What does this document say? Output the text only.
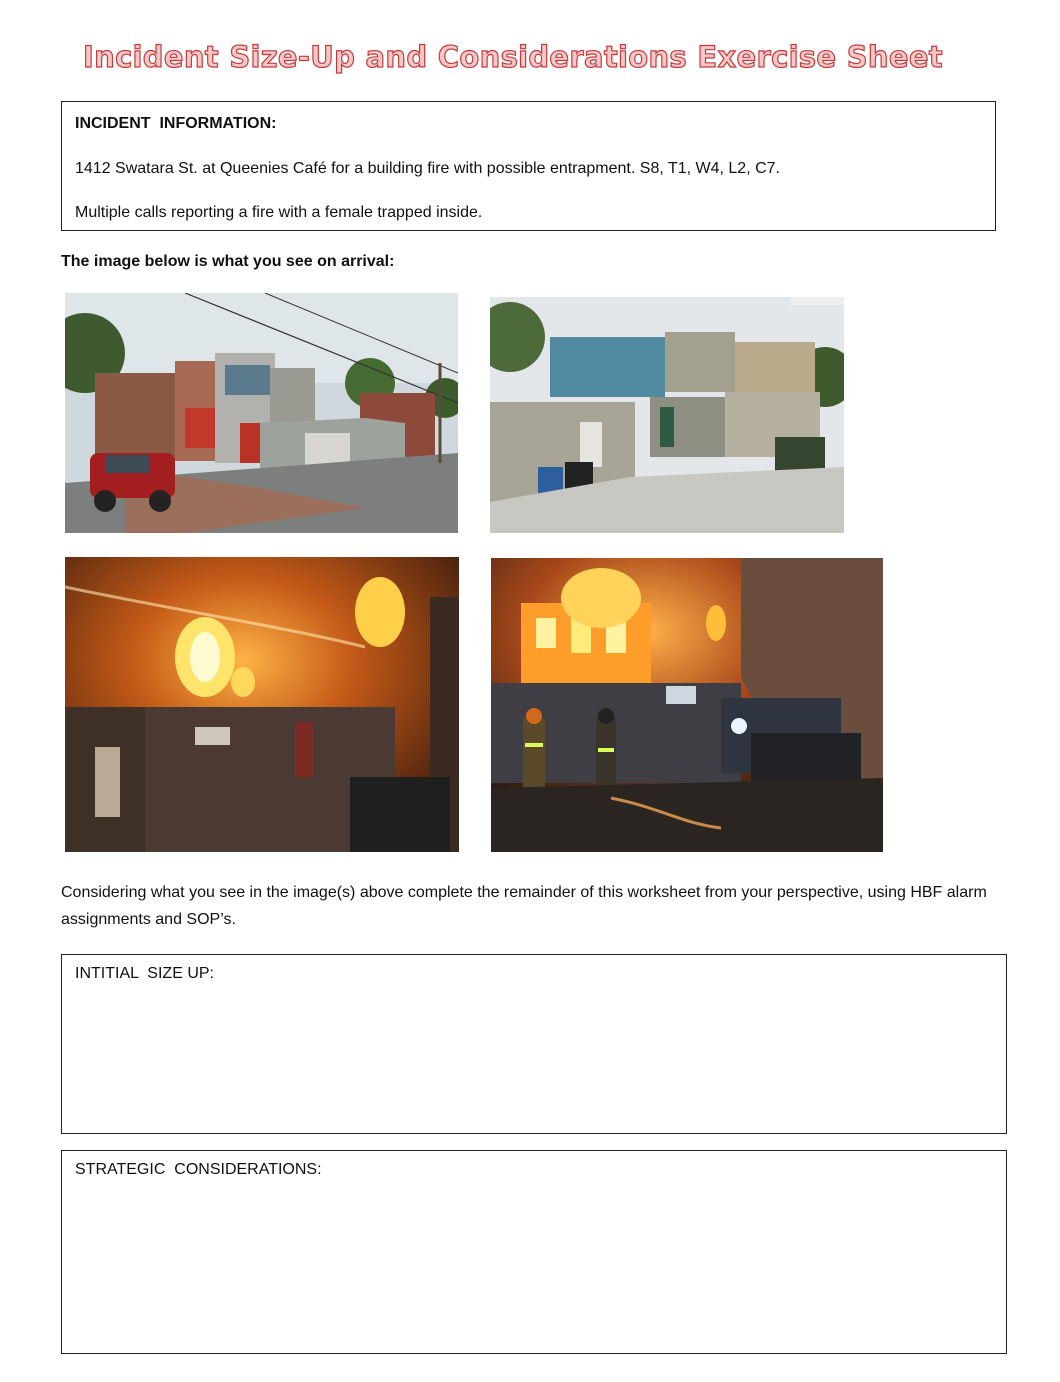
Incident Size-Up and Considerations Exercise Sheet
INCIDENT  INFORMATION:
1412 Swatara St. at Queenies Café for a building fire with possible entrapment. S8, T1, W4, L2, C7.
Multiple calls reporting a fire with a female trapped inside.
The image below is what you see on arrival:
Considering what you see in the image(s) above complete the remainder of this worksheet from your perspective, using HBF alarm assignments and SOP’s.
INTITIAL  SIZE UP:
STRATEGIC  CONSIDERATIONS:
